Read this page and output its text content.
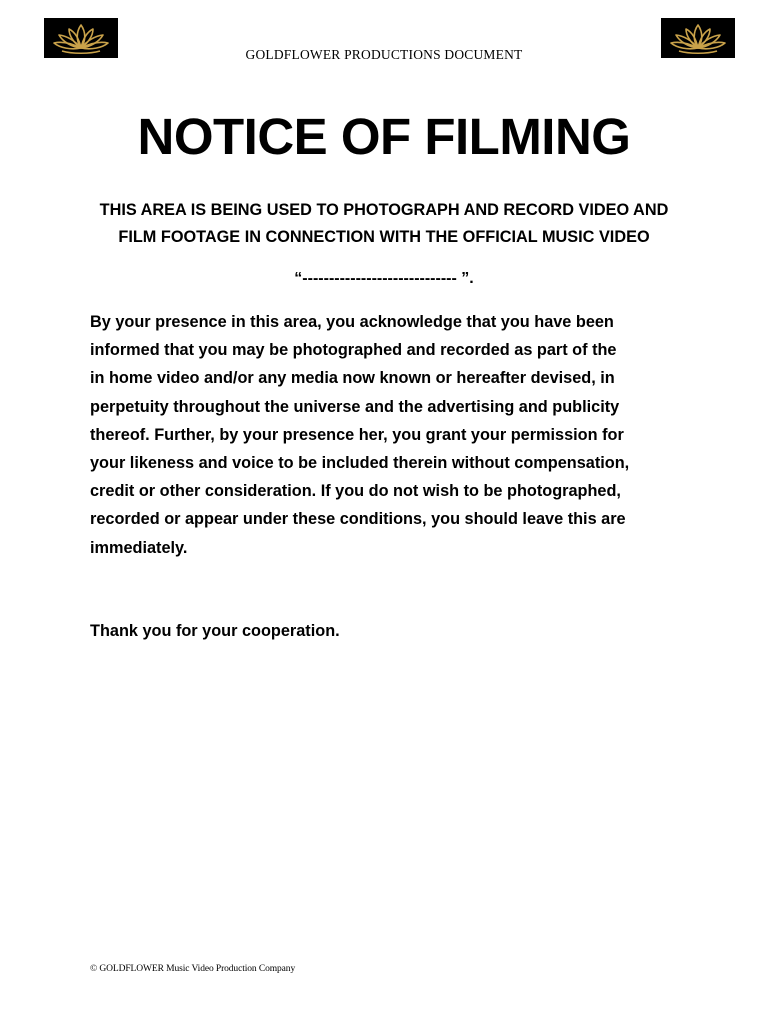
GOLDFLOWER PRODUCTIONS DOCUMENT
NOTICE OF FILMING
THIS AREA IS BEING USED TO PHOTOGRAPH AND RECORD VIDEO AND
FILM FOOTAGE IN CONNECTION WITH THE OFFICIAL MUSIC VIDEO
“----------------------------- ”.
By your presence in this area, you acknowledge that you have been
informed that you may be photographed and recorded as part of the
in home video and/or any media now known or hereafter devised, in
perpetuity throughout the universe and the advertising and publicity
thereof. Further, by your presence her, you grant your permission for
your likeness and voice to be included therein without compensation,
credit or other consideration. If you do not wish to be photographed,
recorded or appear under these conditions, you should leave this are
immediately.
Thank you for your cooperation.
© GOLDFLOWER Music Video Production Company
